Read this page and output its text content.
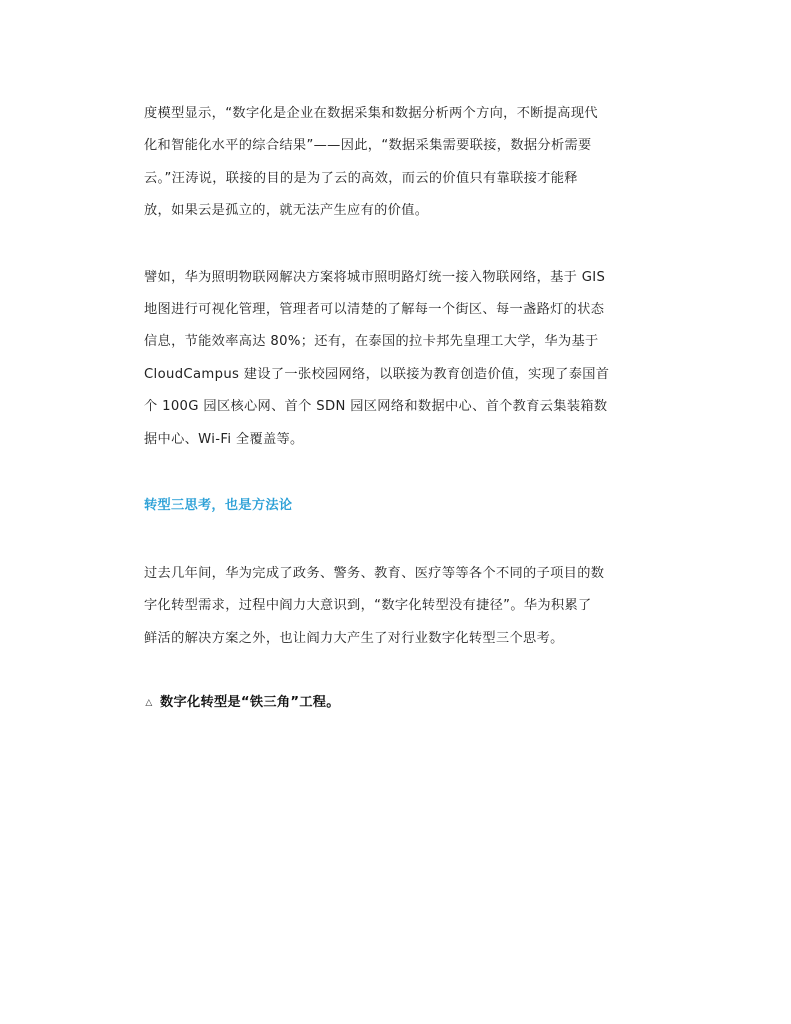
度模型显示，“数字化是企业在数据采集和数据分析两个方向，不断提高现代
化和智能化水平的综合结果”——因此，“数据采集需要联接，数据分析需要
云。”汪涛说，联接的目的是为了云的高效，而云的价值只有靠联接才能释
放，如果云是孤立的，就无法产生应有的价值。

譬如，华为照明物联网解决方案将城市照明路灯统一接入物联网络，基于 GIS
地图进行可视化管理，管理者可以清楚的了解每一个街区、每一盏路灯的状态
信息，节能效率高达 80%；还有，在泰国的拉卡邦先皇理工大学，华为基于
CloudCampus 建设了一张校园网络，以联接为教育创造价值，实现了泰国首
个 100G 园区核心网、首个 SDN 园区网络和数据中心、首个教育云集装箱数
据中心、Wi-Fi 全覆盖等。

转型三思考，也是方法论

过去几年间，华为完成了政务、警务、教育、医疗等等各个不同的子项目的数
字化转型需求，过程中阎力大意识到，“数字化转型没有捷径”。华为积累了
鲜活的解决方案之外，也让阎力大产生了对行业数字化转型三个思考。

△ 数字化转型是“铁三角”工程。
